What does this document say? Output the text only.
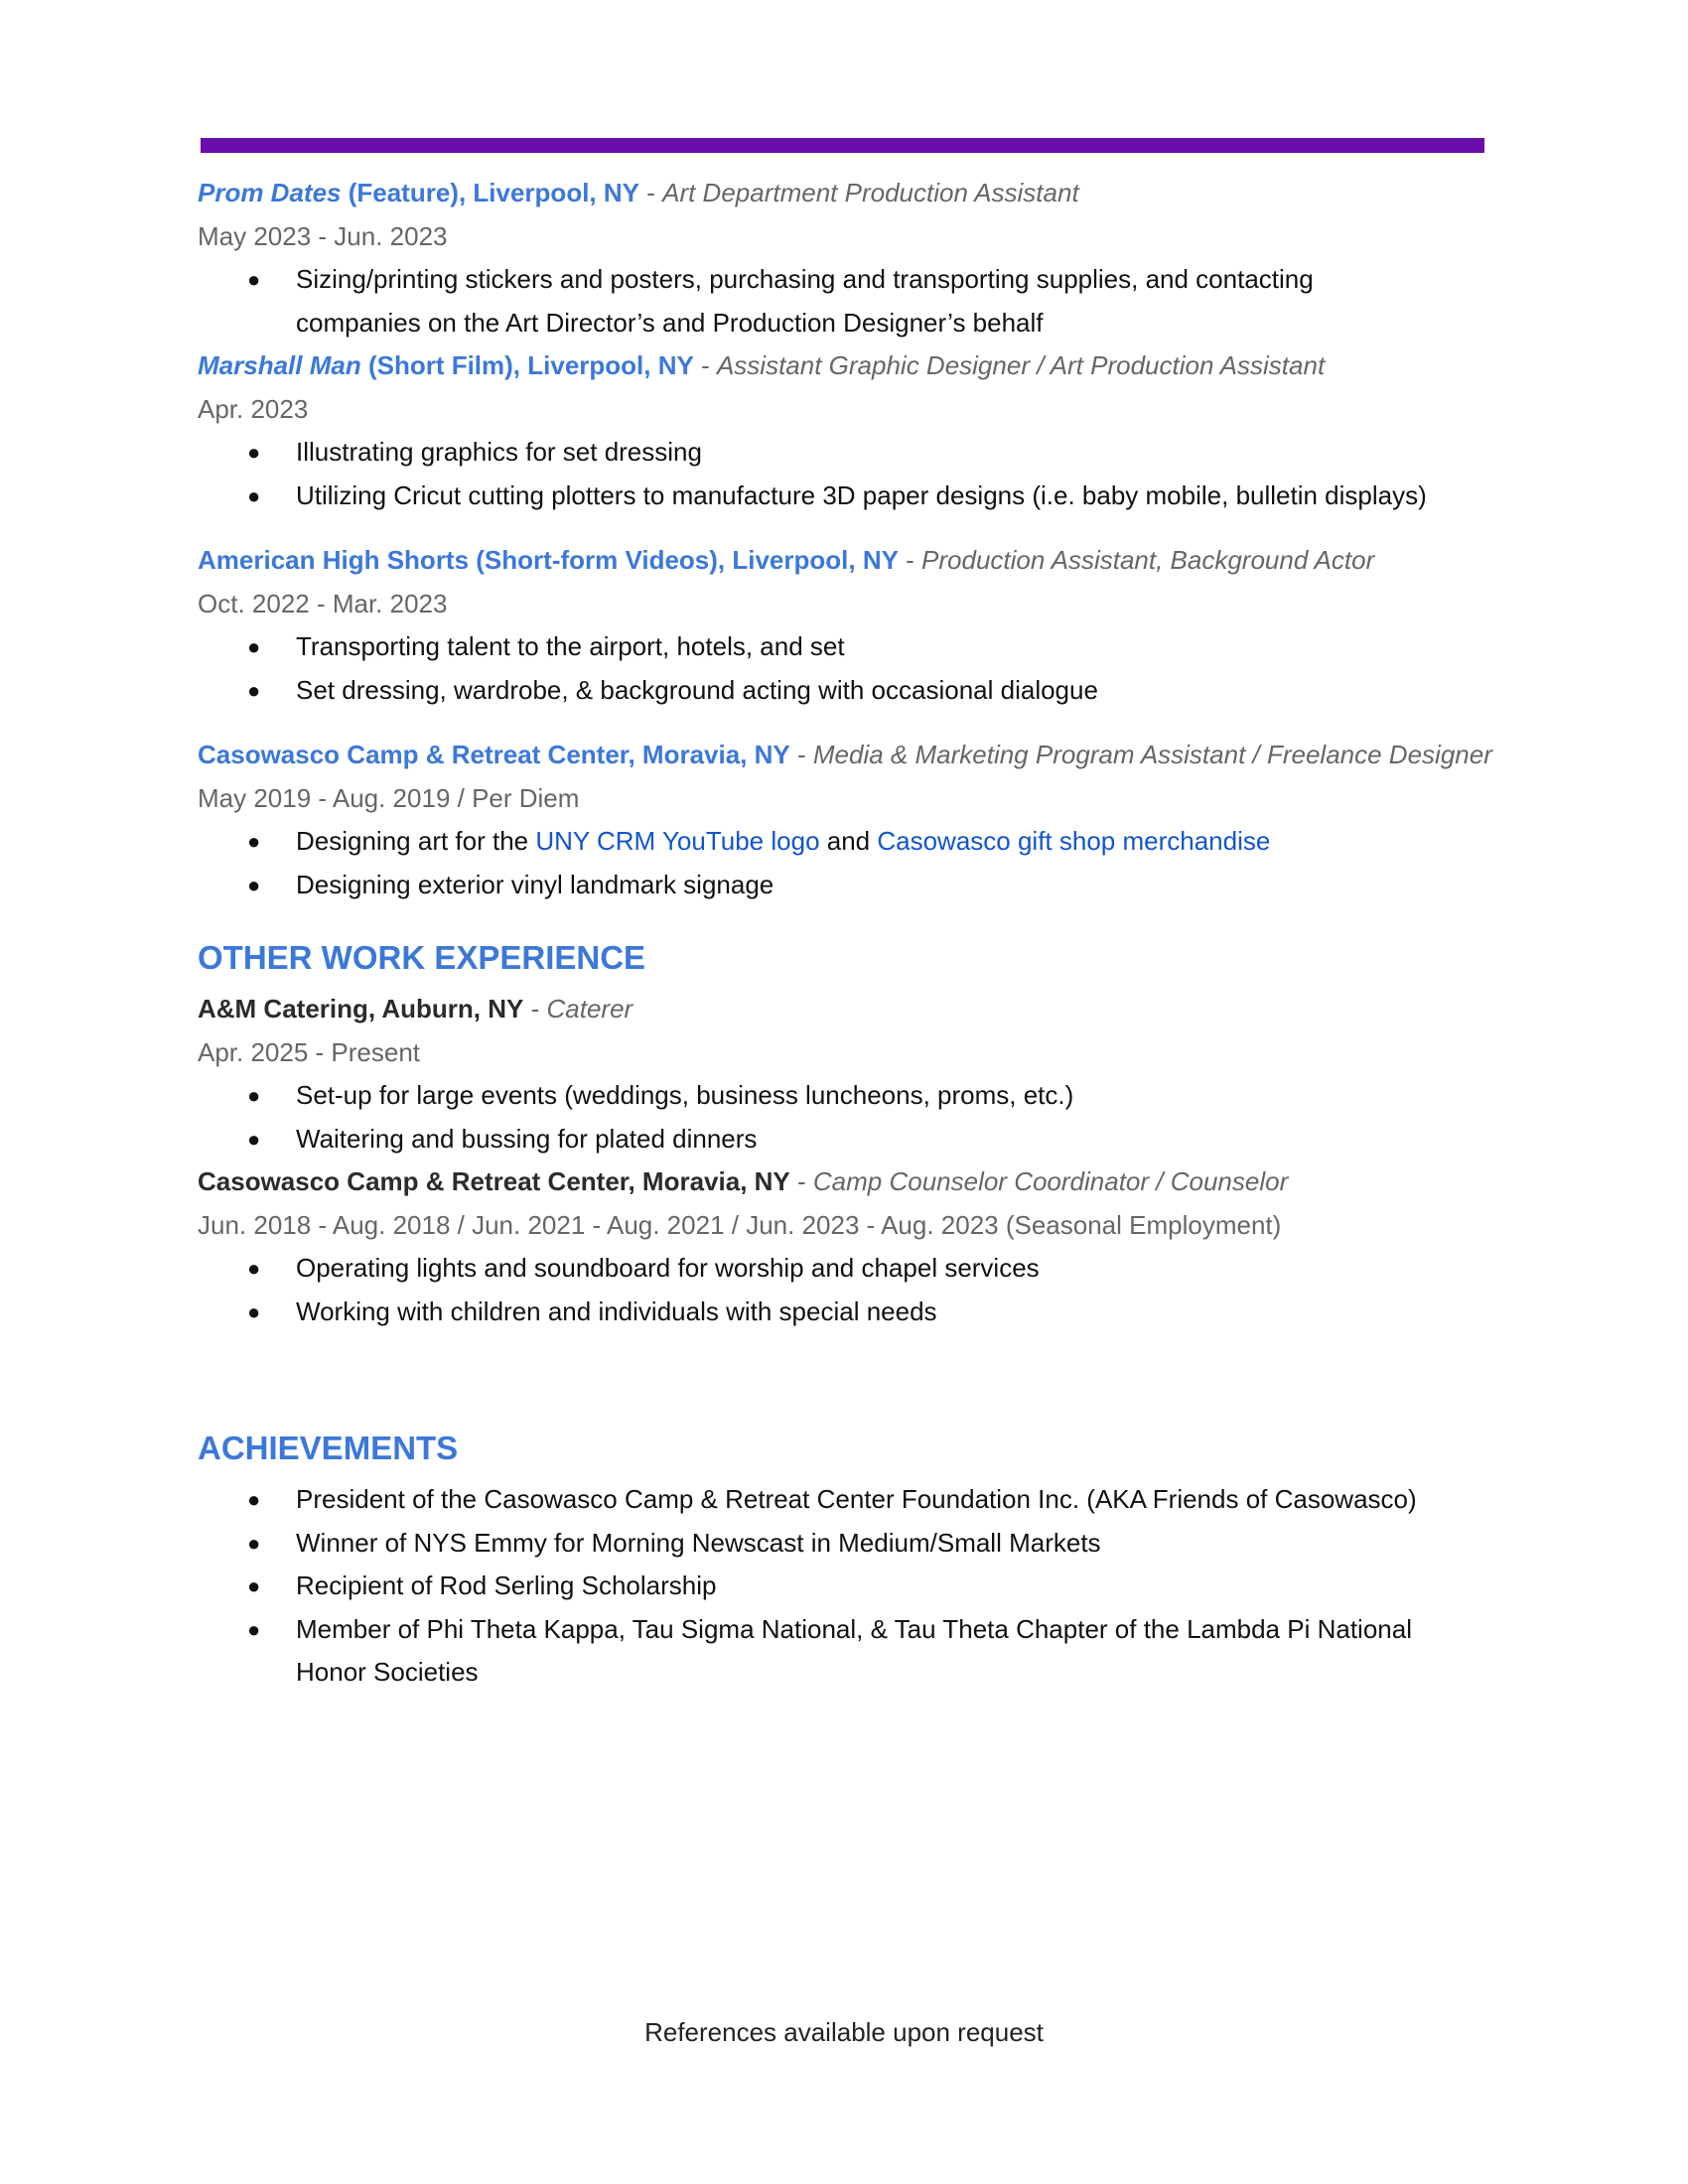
Prom Dates (Feature), Liverpool, NY - Art Department Production Assistant
May 2023 - Jun. 2023
● Sizing/printing stickers and posters, purchasing and transporting supplies, and contacting
companies on the Art Director’s and Production Designer’s behalf
Marshall Man (Short Film), Liverpool, NY - Assistant Graphic Designer / Art Production Assistant
Apr. 2023
● Illustrating graphics for set dressing
● Utilizing Cricut cutting plotters to manufacture 3D paper designs (i.e. baby mobile, bulletin displays)
American High Shorts (Short-form Videos), Liverpool, NY - Production Assistant, Background Actor
Oct. 2022 - Mar. 2023
● Transporting talent to the airport, hotels, and set
● Set dressing, wardrobe, & background acting with occasional dialogue
Casowasco Camp & Retreat Center, Moravia, NY - Media & Marketing Program Assistant / Freelance Designer
May 2019 - Aug. 2019 / Per Diem
● Designing art for the UNY CRM YouTube logo and Casowasco gift shop merchandise
● Designing exterior vinyl landmark signage
OTHER WORK EXPERIENCE
A&M Catering, Auburn, NY - Caterer
Apr. 2025 - Present
● Set-up for large events (weddings, business luncheons, proms, etc.)
● Waitering and bussing for plated dinners
Casowasco Camp & Retreat Center, Moravia, NY - Camp Counselor Coordinator / Counselor
Jun. 2018 - Aug. 2018 / Jun. 2021 - Aug. 2021 / Jun. 2023 - Aug. 2023 (Seasonal Employment)
● Operating lights and soundboard for worship and chapel services
● Working with children and individuals with special needs
ACHIEVEMENTS
● President of the Casowasco Camp & Retreat Center Foundation Inc. (AKA Friends of Casowasco)
● Winner of NYS Emmy for Morning Newscast in Medium/Small Markets
● Recipient of Rod Serling Scholarship
● Member of Phi Theta Kappa, Tau Sigma National, & Tau Theta Chapter of the Lambda Pi National
Honor Societies
References available upon request
